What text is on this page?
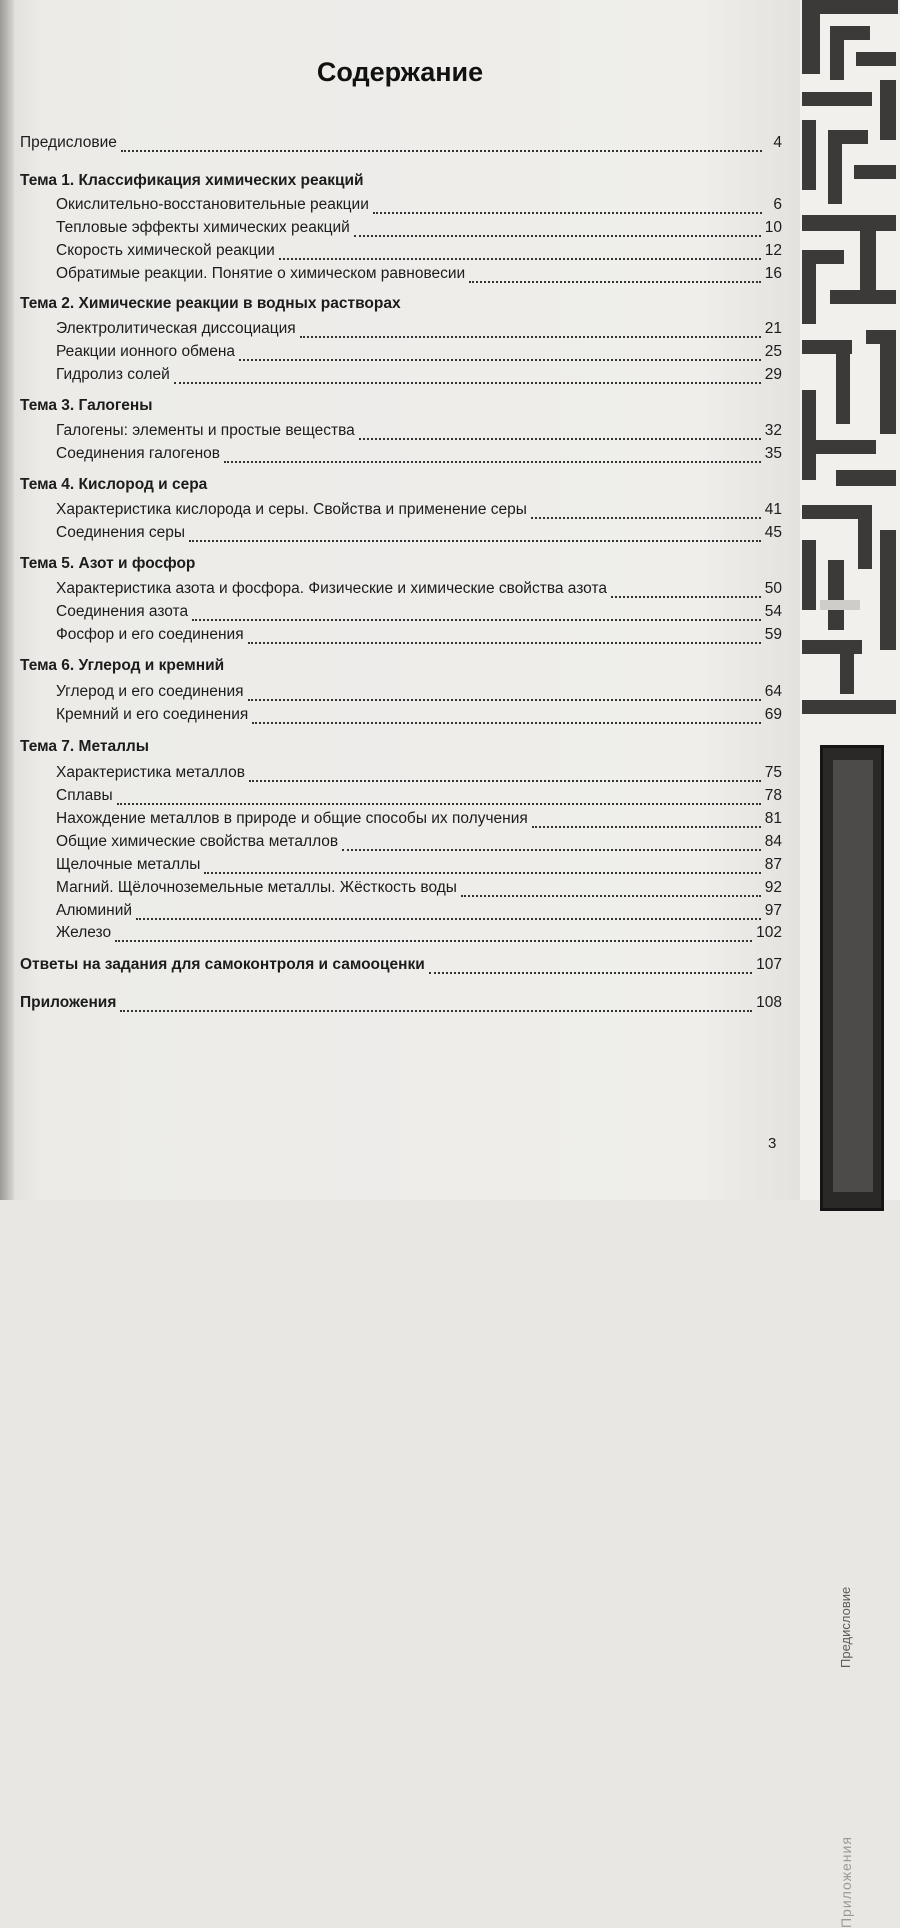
Предисловие
Приложения
Содержание
Предисловие	4
Тема 1. Классификация химических реакций
Окислительно-восстановительные реакции	6
Тепловые эффекты химических реакций	10
Скорость химической реакции	12
Обратимые реакции. Понятие о химическом равновесии	16
Тема 2. Химические реакции в водных растворах
Электролитическая диссоциация	21
Реакции ионного обмена	25
Гидролиз солей	29
Тема 3. Галогены
Галогены: элементы и простые вещества	32
Соединения галогенов	35
Тема 4. Кислород и сера
Характеристика кислорода и серы. Свойства и применение серы	41
Соединения серы	45
Тема 5. Азот и фосфор
Характеристика азота и фосфора. Физические и химические свойства азота	50
Соединения азота	54
Фосфор и его соединения	59
Тема 6. Углерод и кремний
Углерод и его соединения	64
Кремний и его соединения	69
Тема 7. Металлы
Характеристика металлов	75
Сплавы	78
Нахождение металлов в природе и общие способы их получения	81
Общие химические свойства металлов	84
Щелочные металлы	87
Магний. Щёлочноземельные металлы. Жёсткость воды	92
Алюминий	97
Железо	102
Ответы на задания для самоконтроля и самооценки	107
Приложения	108
3
